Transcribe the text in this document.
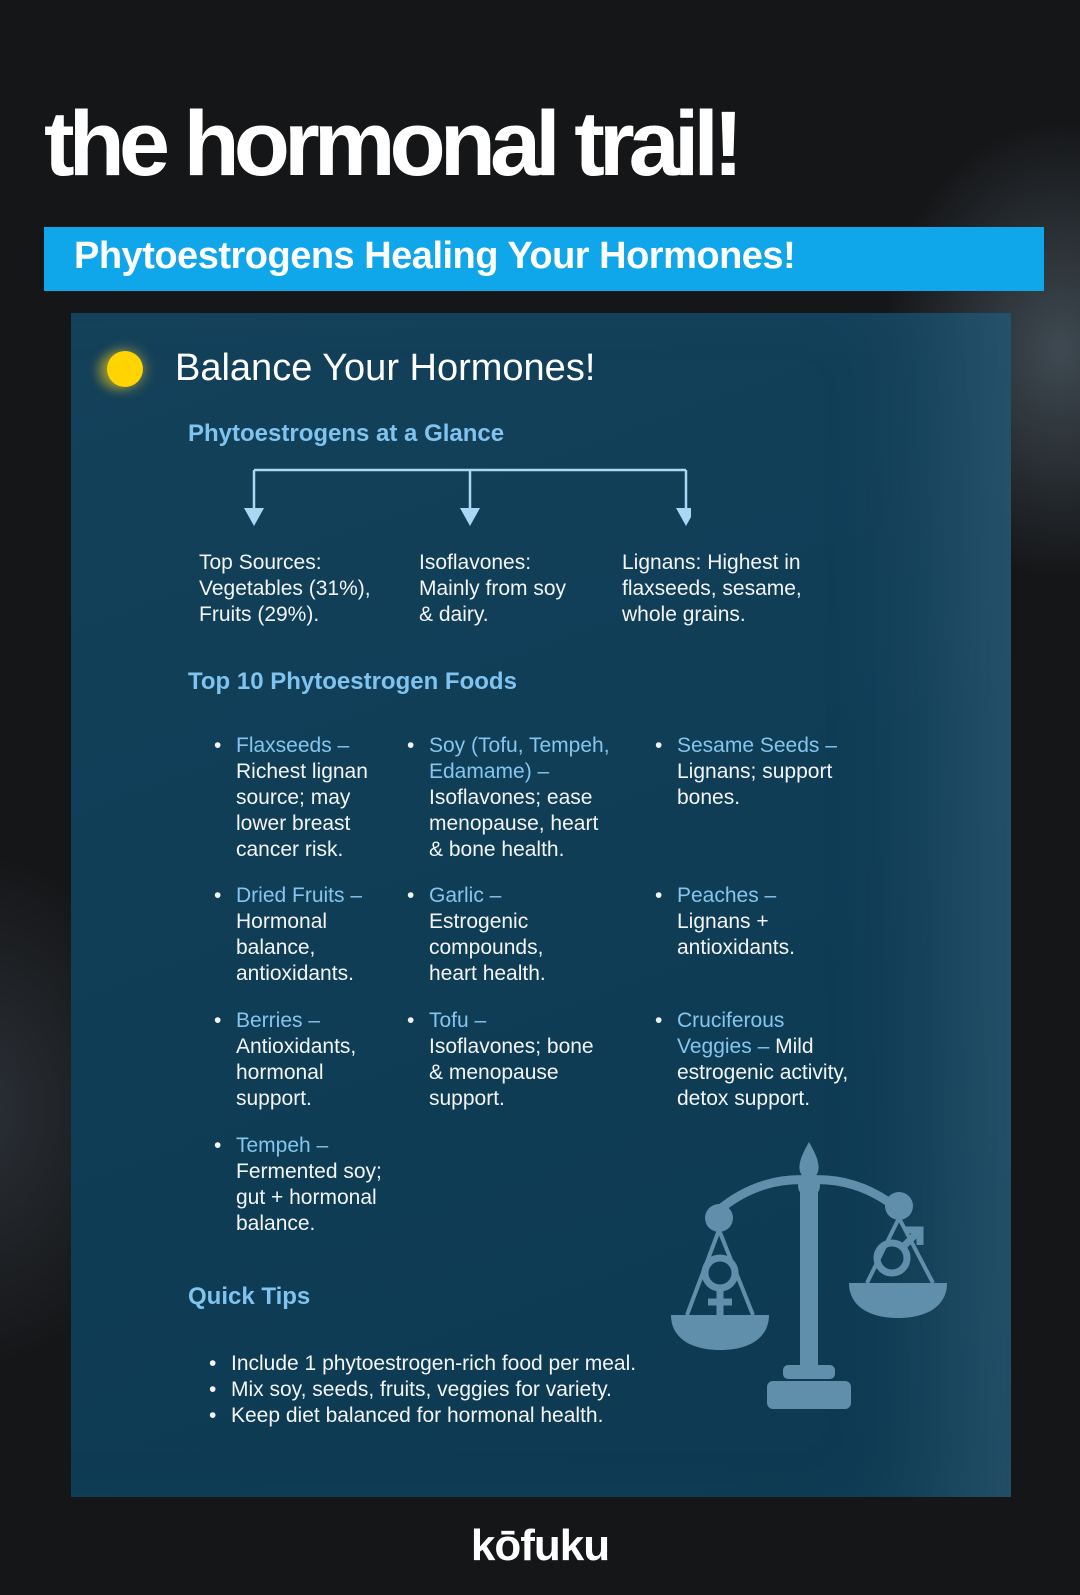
the hormonal trail!
Phytoestrogens Healing Your Hormones!
Balance Your Hormones!
Phytoestrogens at a Glance
Top Sources:
Vegetables (31%),
Fruits (29%).
Isoflavones:
Mainly from soy
& dairy.
Lignans: Highest in
flaxseeds, sesame,
whole grains.
Top 10 Phytoestrogen Foods
• Flaxseeds –
Richest lignan
source; may
lower breast
cancer risk.
• Soy (Tofu, Tempeh,
Edamame) –
Isoflavones; ease
menopause, heart
& bone health.
• Sesame Seeds –
Lignans; support
bones.
• Dried Fruits –
Hormonal
balance,
antioxidants.
• Garlic –
Estrogenic
compounds,
heart health.
• Peaches –
Lignans +
antioxidants.
• Berries –
Antioxidants,
hormonal
support.
• Tofu –
Isoflavones; bone
& menopause
support.
• Cruciferous
Veggies – Mild
estrogenic activity,
detox support.
• Tempeh –
Fermented soy;
gut + hormonal
balance.
Quick Tips
• Include 1 phytoestrogen-rich food per meal.
• Mix soy, seeds, fruits, veggies for variety.
• Keep diet balanced for hormonal health.
kōfuku
